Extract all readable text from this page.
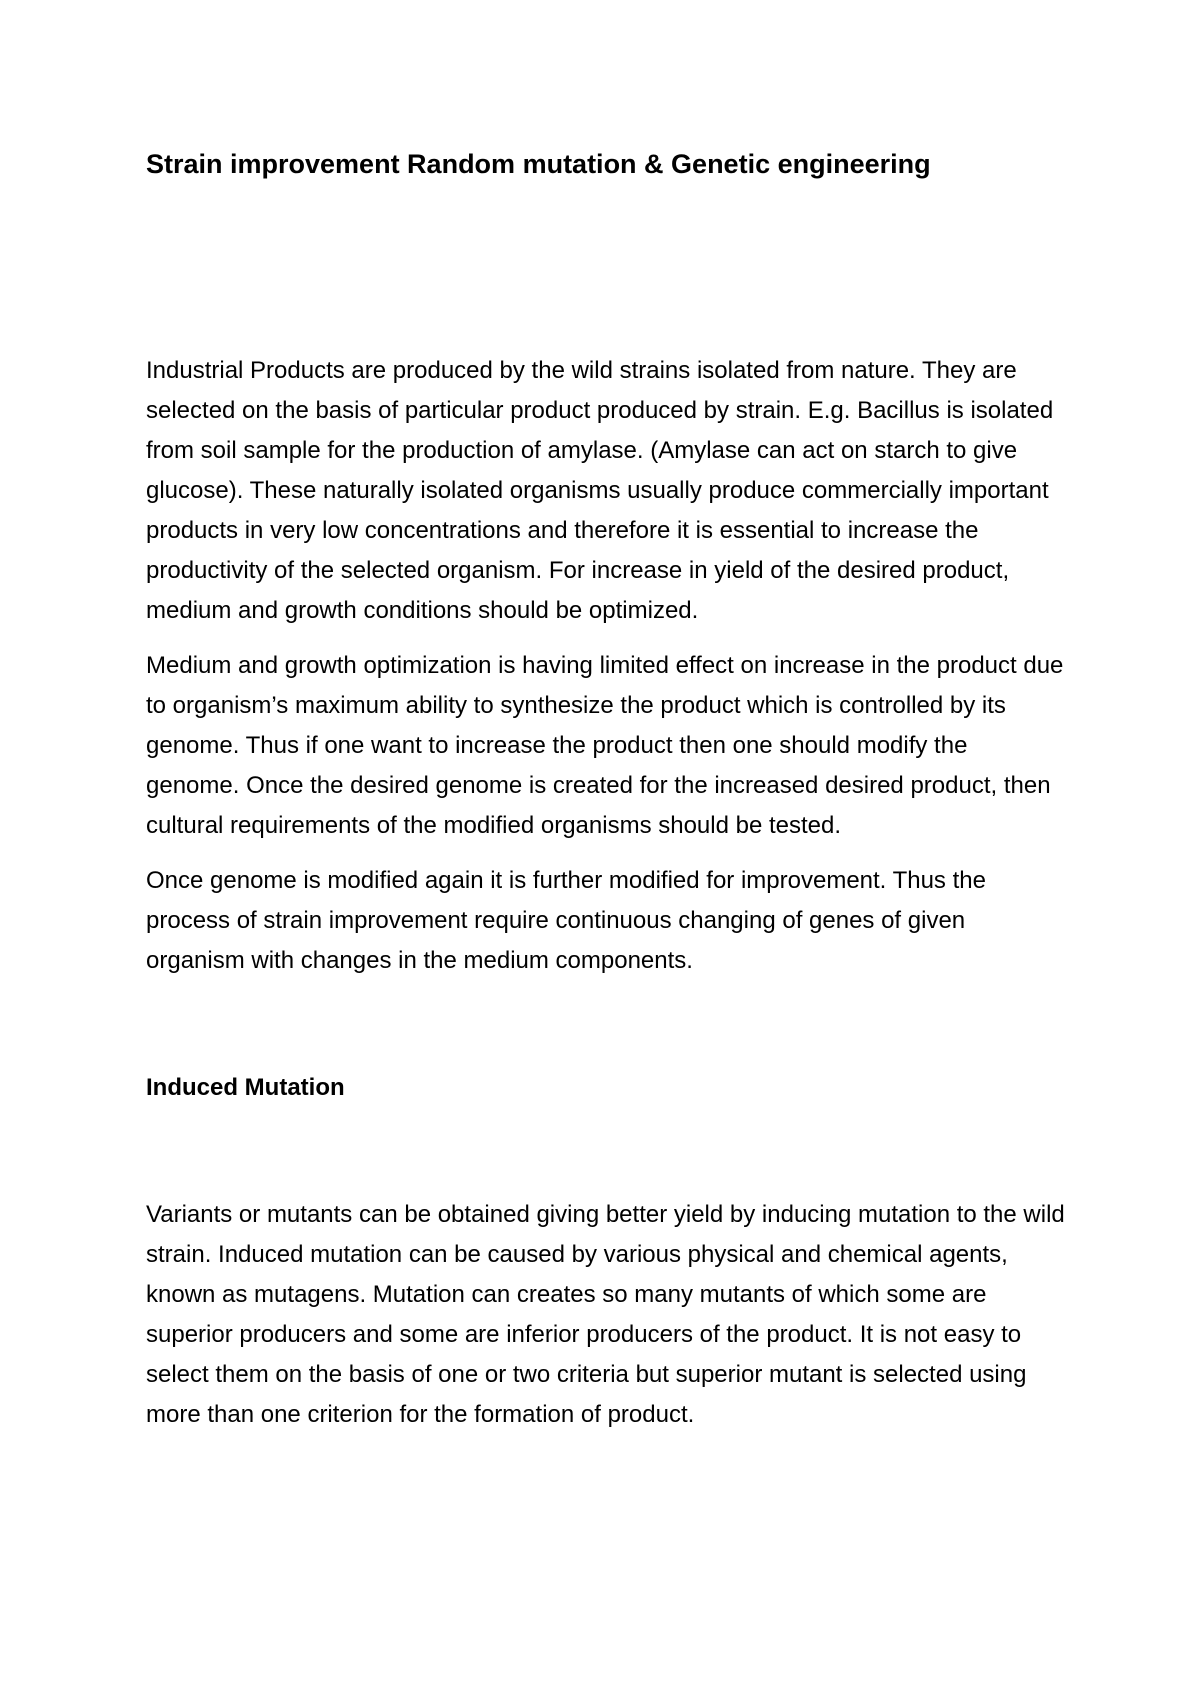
Strain improvement Random mutation & Genetic engineering

Industrial Products are produced by the wild strains isolated from nature. They are selected on the basis of particular product produced by strain. E.g. Bacillus is isolated from soil sample for the production of amylase. (Amylase can act on starch to give glucose). These naturally isolated organisms usually produce commercially important products in very low concentrations and therefore it is essential to increase the productivity of the selected organism. For increase in yield of the desired product, medium and growth conditions should be optimized.

Medium and growth optimization is having limited effect on increase in the product due to organism’s maximum ability to synthesize the product which is controlled by its genome. Thus if one want to increase the product then one should modify the genome. Once the desired genome is created for the increased desired product, then cultural requirements of the modified organisms should be tested.

Once genome is modified again it is further modified for improvement. Thus the process of strain improvement require continuous changing of genes of given organism with changes in the medium components.

Induced Mutation

Variants or mutants can be obtained giving better yield by inducing mutation to the wild strain. Induced mutation can be caused by various physical and chemical agents, known as mutagens. Mutation can creates so many mutants of which some are superior producers and some are inferior producers of the product. It is not easy to select them on the basis of one or two criteria but superior mutant is selected using more than one criterion for the formation of product.
